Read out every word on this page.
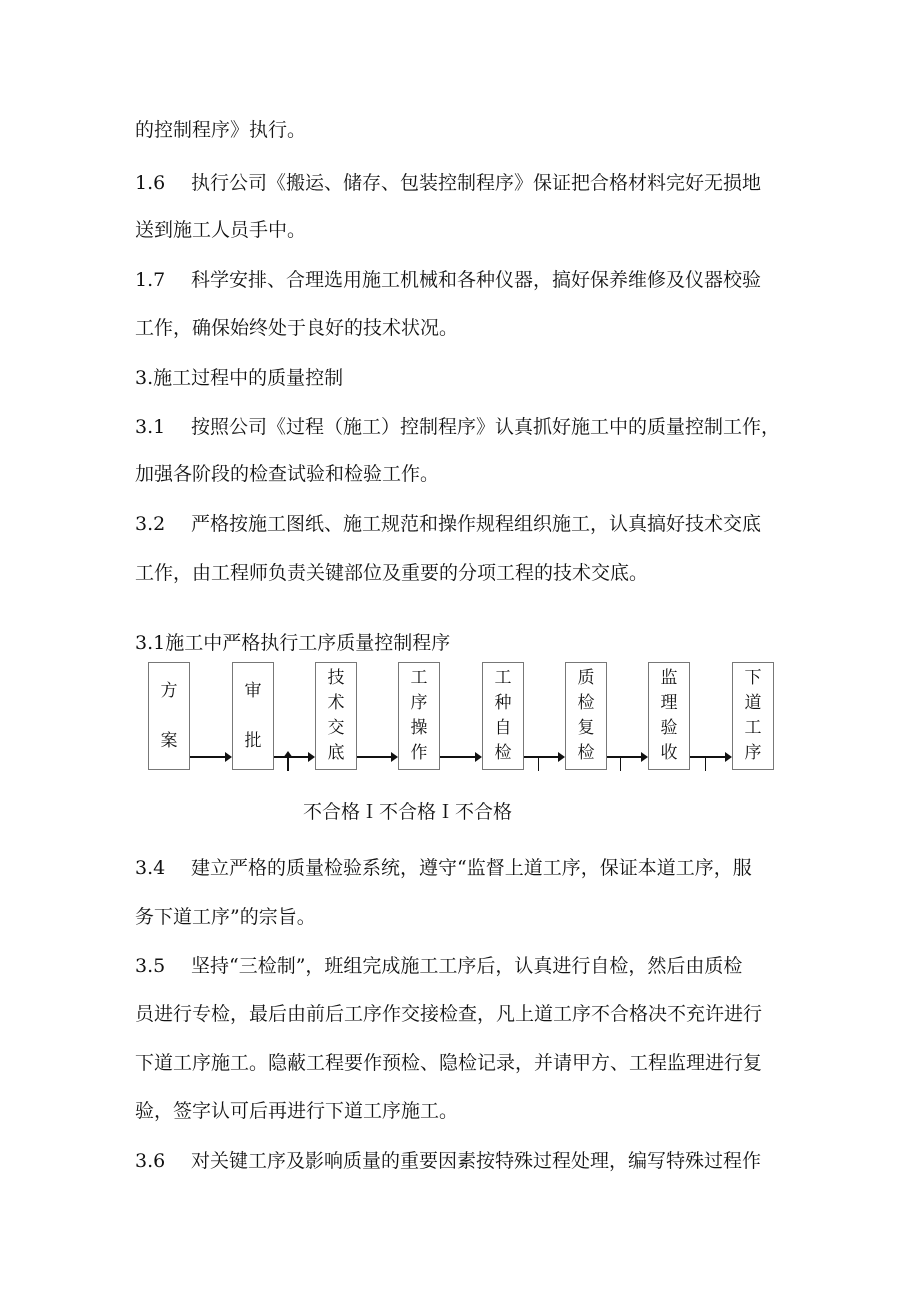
的控制程序》执行。
1.6 执行公司《搬运、储存、包装控制程序》保证把合格材料完好无损地
送到施工人员手中。
1.7 科学安排、合理选用施工机械和各种仪器，搞好保养维修及仪器校验
工作，确保始终处于良好的技术状况。
3.施工过程中的质量控制
3.1 按照公司《过程（施工）控制程序》认真抓好施工中的质量控制工作，
加强各阶段的检查试验和检验工作。
3.2 严格按施工图纸、施工规范和操作规程组织施工，认真搞好技术交底
工作，由工程师负责关键部位及重要的分项工程的技术交底。
3.1施工中严格执行工序质量控制程序
方
案
审
批
技
术
交
底
工
序
操
作
工
种
自
检
质
检
复
检
监
理
验
收
下
道
工
序
不合格Ｉ不合格Ｉ不合格
3.4 建立严格的质量检验系统，遵守“监督上道工序，保证本道工序，服
务下道工序”的宗旨。
3.5 坚持“三检制”，班组完成施工工序后，认真进行自检，然后由质检
员进行专检，最后由前后工序作交接检查，凡上道工序不合格决不充许进行
下道工序施工。隐蔽工程要作预检、隐检记录，并请甲方、工程监理进行复
验，签字认可后再进行下道工序施工。
3.6 对关键工序及影响质量的重要因素按特殊过程处理，编写特殊过程作
